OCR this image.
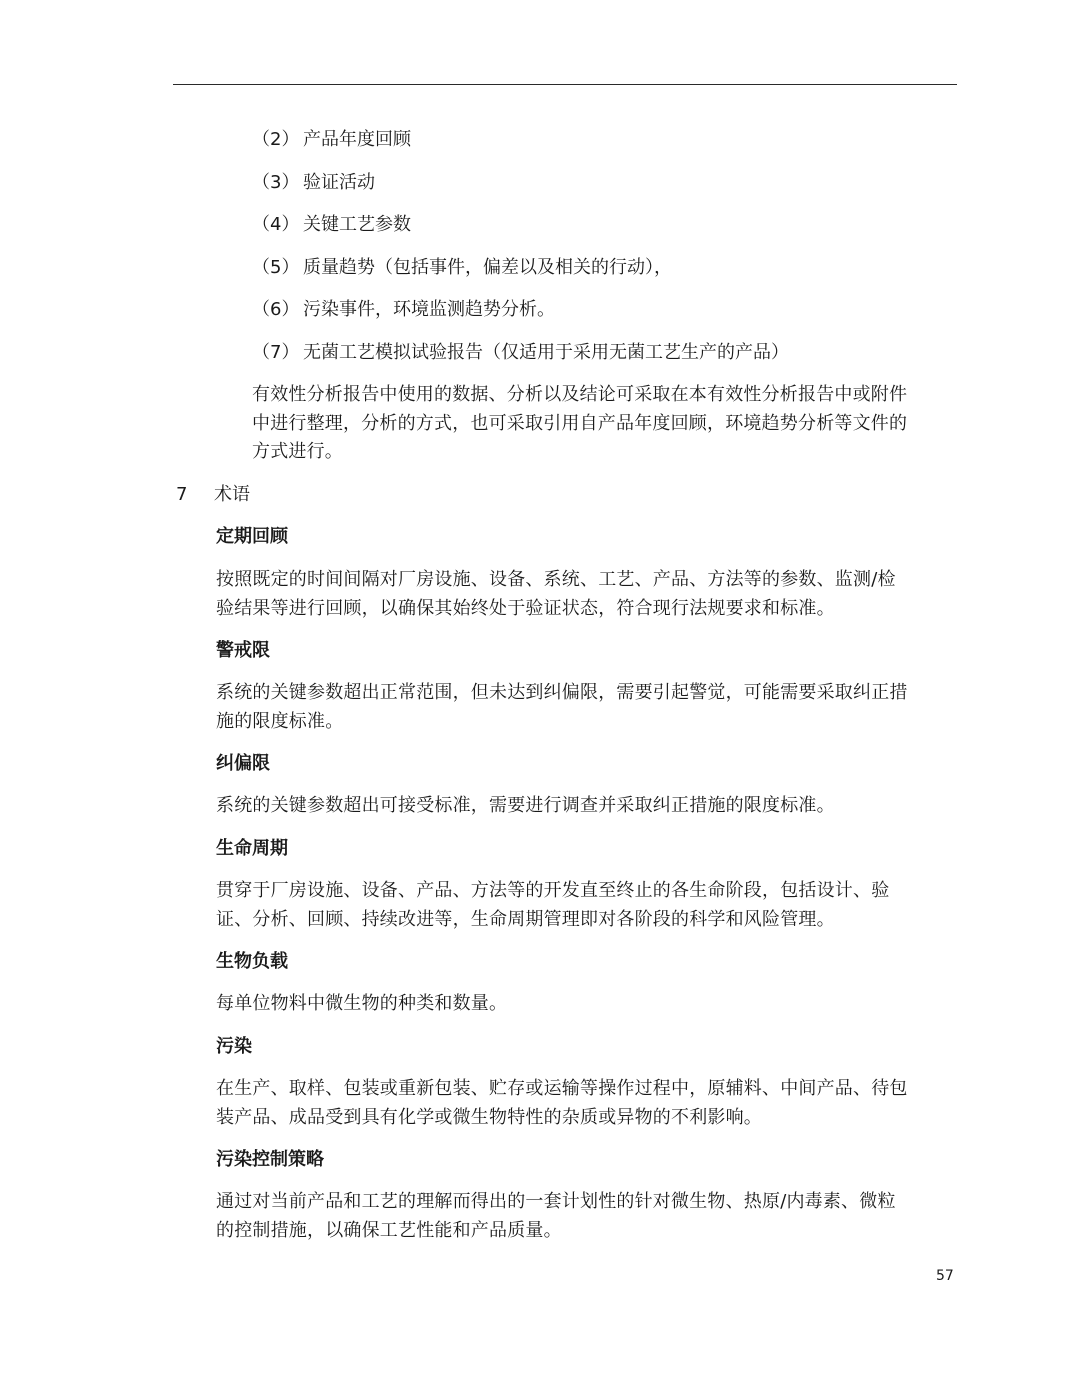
（2） 产品年度回顾
（3） 验证活动
（4） 关键工艺参数
（5） 质量趋势（包括事件，偏差以及相关的行动），
（6） 污染事件，环境监测趋势分析。
（7） 无菌工艺模拟试验报告（仅适用于采用无菌工艺生产的产品）
有效性分析报告中使用的数据、分析以及结论可采取在本有效性分析报告中或附件
中进行整理，分析的方式，也可采取引用自产品年度回顾，环境趋势分析等文件的
方式进行。
7 术语
定期回顾
按照既定的时间间隔对厂房设施、设备、系统、工艺、产品、方法等的参数、监测/检
验结果等进行回顾，以确保其始终处于验证状态，符合现行法规要求和标准。
警戒限
系统的关键参数超出正常范围，但未达到纠偏限，需要引起警觉，可能需要采取纠正措
施的限度标准。
纠偏限
系统的关键参数超出可接受标准，需要进行调查并采取纠正措施的限度标准。
生命周期
贯穿于厂房设施、设备、产品、方法等的开发直至终止的各生命阶段，包括设计、验
证、分析、回顾、持续改进等，生命周期管理即对各阶段的科学和风险管理。
生物负载
每单位物料中微生物的种类和数量。
污染
在生产、取样、包装或重新包装、贮存或运输等操作过程中，原辅料、中间产品、待包
装产品、成品受到具有化学或微生物特性的杂质或异物的不利影响。
污染控制策略
通过对当前产品和工艺的理解而得出的一套计划性的针对微生物、热原/内毒素、微粒
的控制措施，以确保工艺性能和产品质量。
57
